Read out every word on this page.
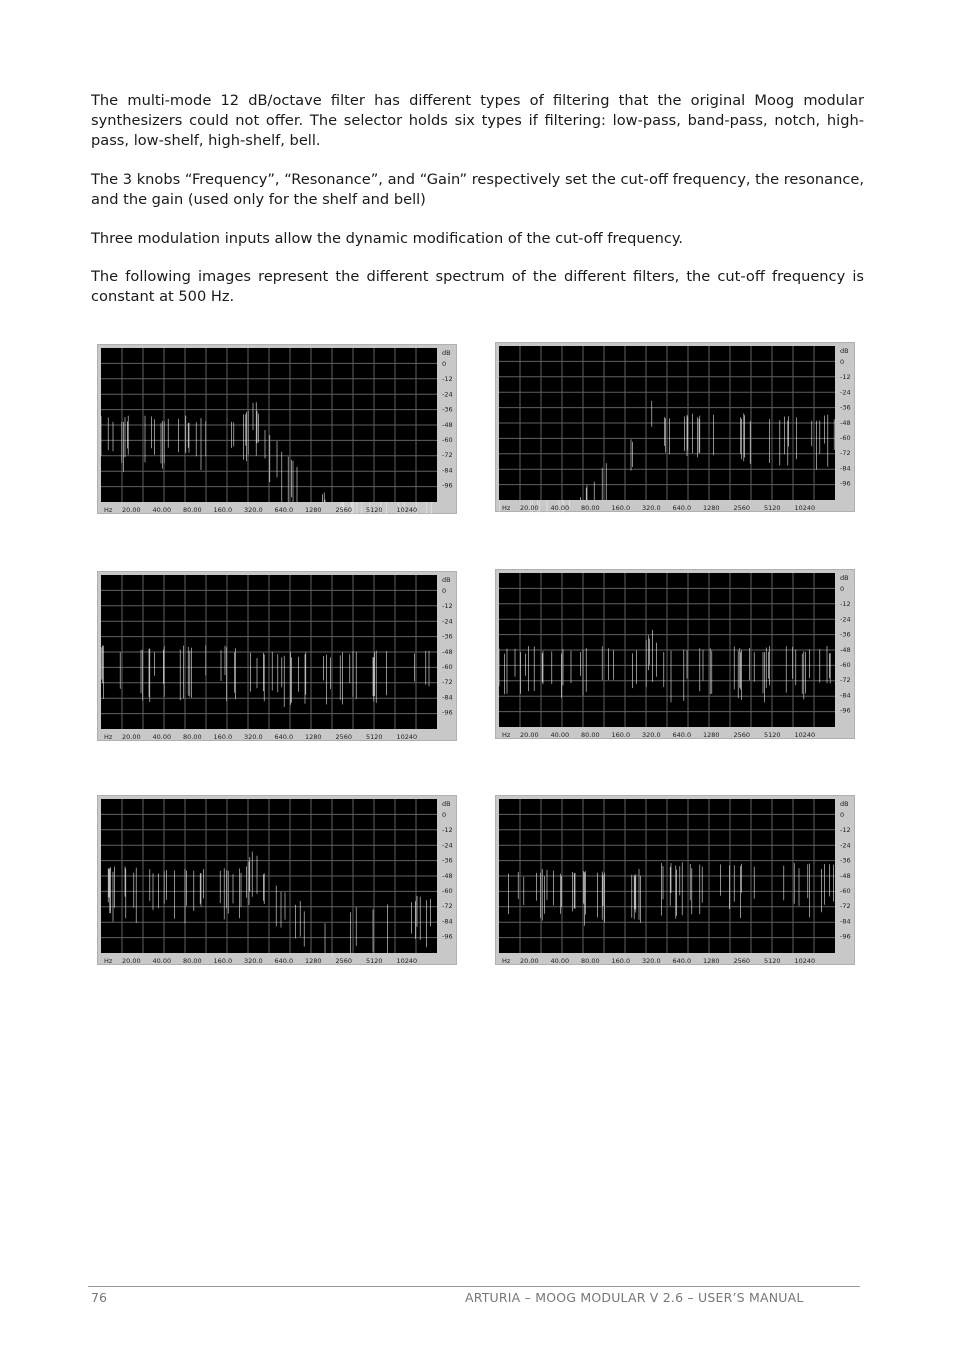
The multi-mode 12 dB/octave filter has different types of filtering that the original Moog modular synthesizers could not offer. The selector holds six types if filtering: low-pass, band-pass, notch, high-pass, low-shelf, high-shelf, bell.

The 3 knobs “Frequency”, “Resonance”, and “Gain” respectively set the cut-off frequency, the resonance, and the gain (used only for the shelf and bell)

Three modulation inputs allow the dynamic modification of the cut-off frequency.

The following images represent the different spectrum of the different filters, the cut-off frequency is constant at 500 Hz.

dB
0
-12
-24
-36
-48
-60
-72
-84
-96
Hz 20.00 40.00 80.00 160.0 320.0 640.0 1280 2560 5120 10240
dB
0
-12
-24
-36
-48
-60
-72
-84
-96
Hz 20.00 40.00 80.00 160.0 320.0 640.0 1280 2560 5120 10240
dB
0
-12
-24
-36
-48
-60
-72
-84
-96
Hz 20.00 40.00 80.00 160.0 320.0 640.0 1280 2560 5120 10240
dB
0
-12
-24
-36
-48
-60
-72
-84
-96
Hz 20.00 40.00 80.00 160.0 320.0 640.0 1280 2560 5120 10240
dB
0
-12
-24
-36
-48
-60
-72
-84
-96
Hz 20.00 40.00 80.00 160.0 320.0 640.0 1280 2560 5120 10240
dB
0
-12
-24
-36
-48
-60
-72
-84
-96
Hz 20.00 40.00 80.00 160.0 320.0 640.0 1280 2560 5120 10240
76	ARTURIA – MOOG MODULAR V 2.6 – USER’S MANUAL
